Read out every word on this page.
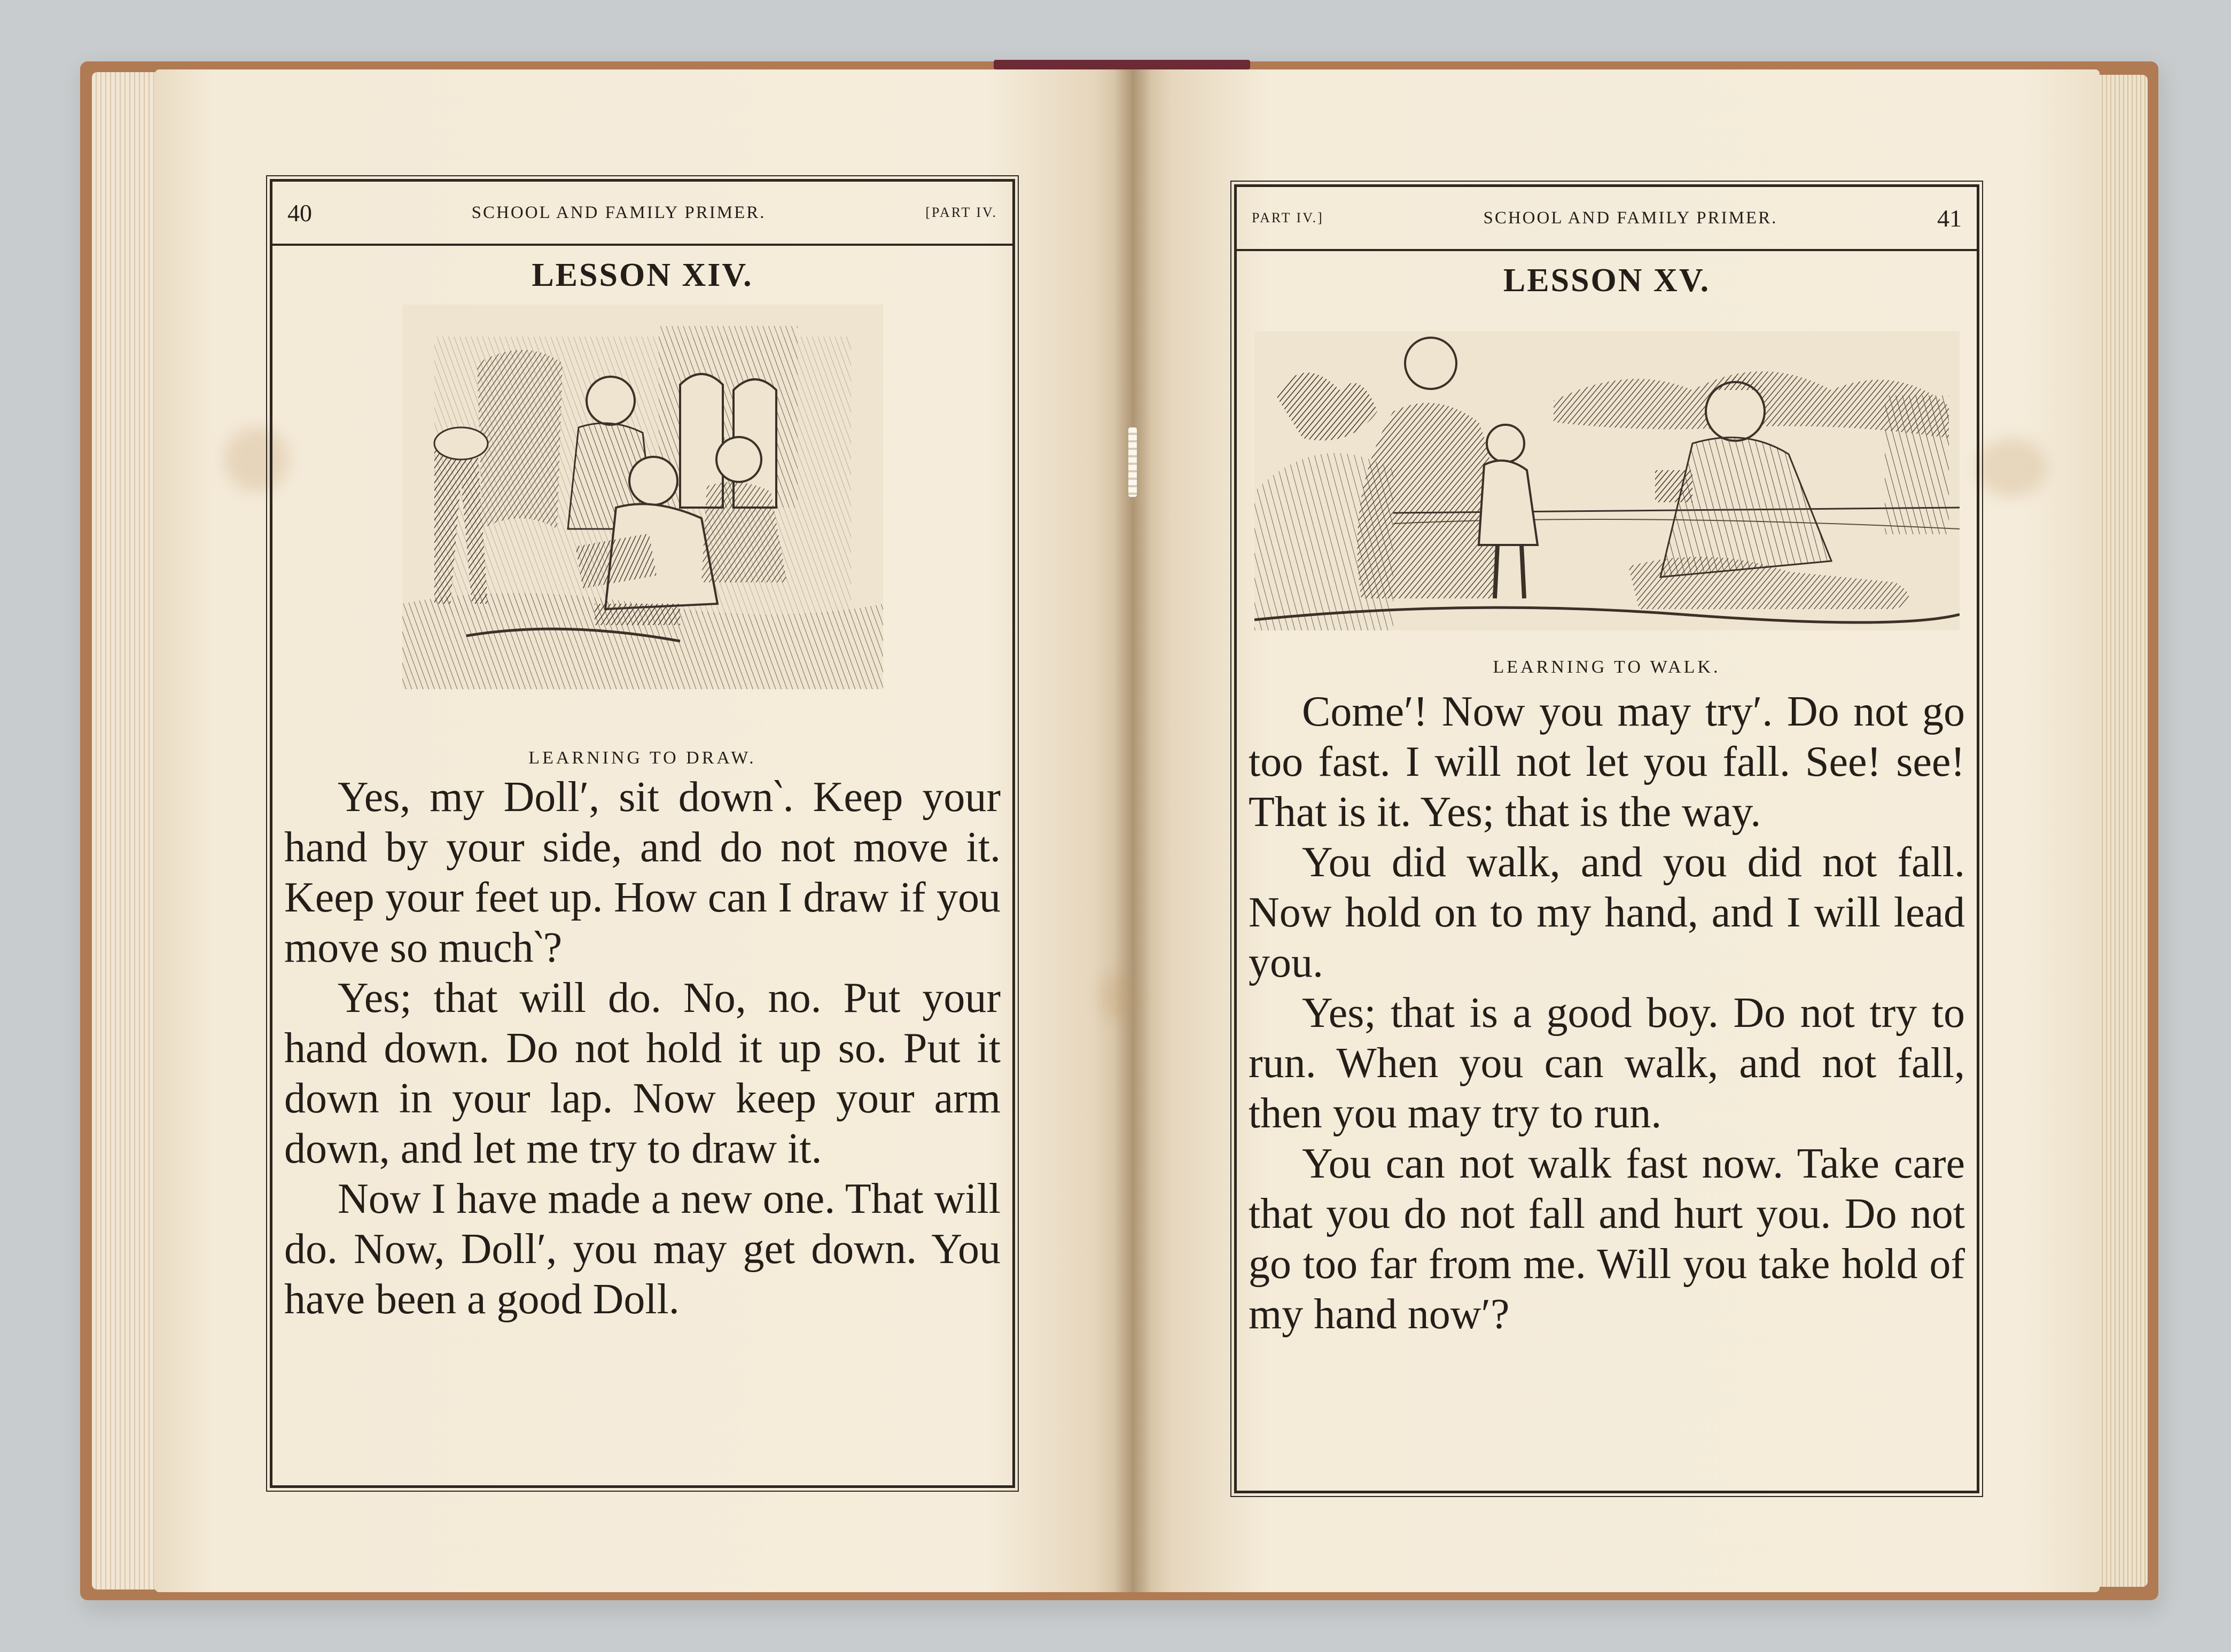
40	SCHOOL AND FAMILY PRIMER.	[PART IV.
LESSON XIV.
LEARNING TO DRAW.

Yes, my Doll′, sit down‵. Keep your hand by your side, and do not move it. Keep your feet up. How can I draw if you move so much‵?

Yes; that will do. No, no. Put your hand down. Do not hold it up so. Put it down in your lap. Now keep your arm down, and let me try to draw it.

Now I have made a new one. That will do. Now, Doll′, you may get down. You have been a good Doll.

PART IV.]	SCHOOL AND FAMILY PRIMER.	41
LESSON XV.
LEARNING TO WALK.

Come′! Now you may try′. Do not go too fast. I will not let you fall. See! see! That is it. Yes; that is the way.

You did walk, and you did not fall. Now hold on to my hand, and I will lead you.

Yes; that is a good boy. Do not try to run. When you can walk, and not fall, then you may try to run.

You can not walk fast now. Take care that you do not fall and hurt you. Do not go too far from me. Will you take hold of my hand now′?
